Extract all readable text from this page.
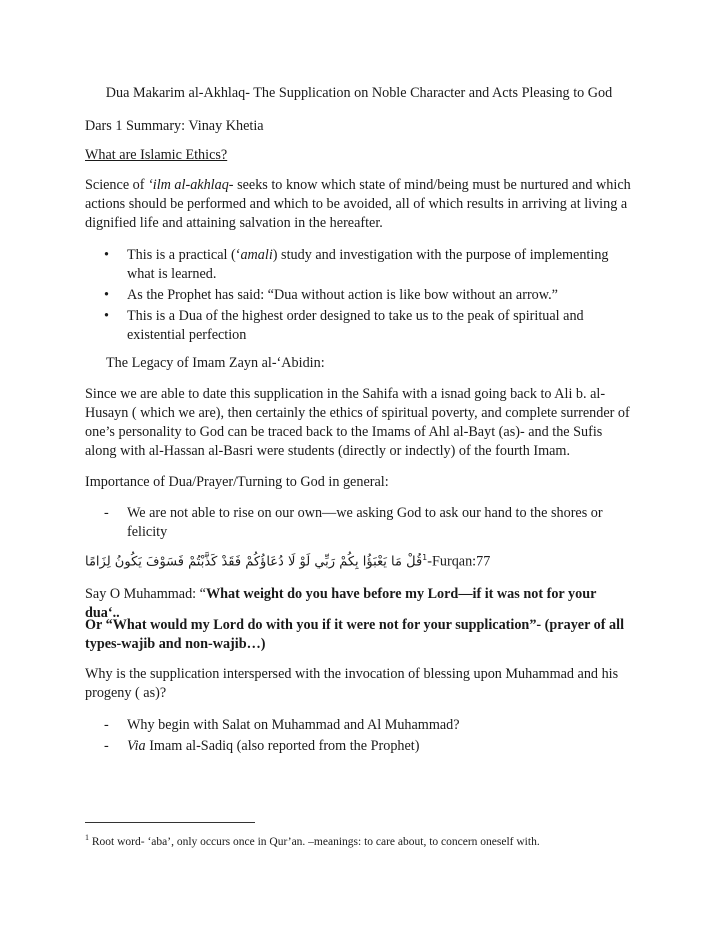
Dua Makarim al-Akhlaq- The Supplication on Noble Character and Acts Pleasing to God

Dars 1 Summary: Vinay Khetia

What are Islamic Ethics?

Science of ‘ilm al-akhlaq- seeks to know which state of mind/being must be nurtured and which actions should be performed and which to be avoided, all of which results in arriving at living a dignified life and attaining salvation in the hereafter.

• This is a practical (‘amali) study and investigation with the purpose of implementing what is learned.
• As the Prophet has said: “Dua without action is like bow without an arrow.”
• This is a Dua of the highest order designed to take us to the peak of spiritual and existential perfection

The Legacy of Imam Zayn al-‘Abidin:

Since we are able to date this supplication in the Sahifa with a isnad going back to Ali b. al-Husayn ( which we are), then certainly the ethics of spiritual poverty, and complete surrender of one’s personality to God can be traced back to the Imams of Ahl al-Bayt (as)- and the Sufis along with al-Hassan al-Basri were students (directly or indectly) of the fourth Imam.

Importance of Dua/Prayer/Turning to God in general:

- We are not able to rise on our own—we asking God to ask our hand to the shores or felicity
قُلْ مَا يَعْبَؤُا بِكُمْ رَبِّي لَوْ لَا دُعَاؤُكُمْ فَقَدْ كَذَّبْتُمْ فَسَوْفَ يَكُونُ لِزَامًا$^1$-Furqan:77

Say O Muhammad: “What weight do you have before my Lord—if it was not for your dua‘..

Or “What would my Lord do with you if it were not for your supplication”- (prayer of all types-wajib and non-wajib…)

Why is the supplication interspersed with the invocation of blessing upon Muhammad and his progeny ( as)?

- Why begin with Salat on Muhammad and Al Muhammad?
- Via Imam al-Sadiq (also reported from the Prophet)
$^1$ Root word- ‘aba’, only occurs once in Qur’an. –meanings: to care about, to concern oneself with.
